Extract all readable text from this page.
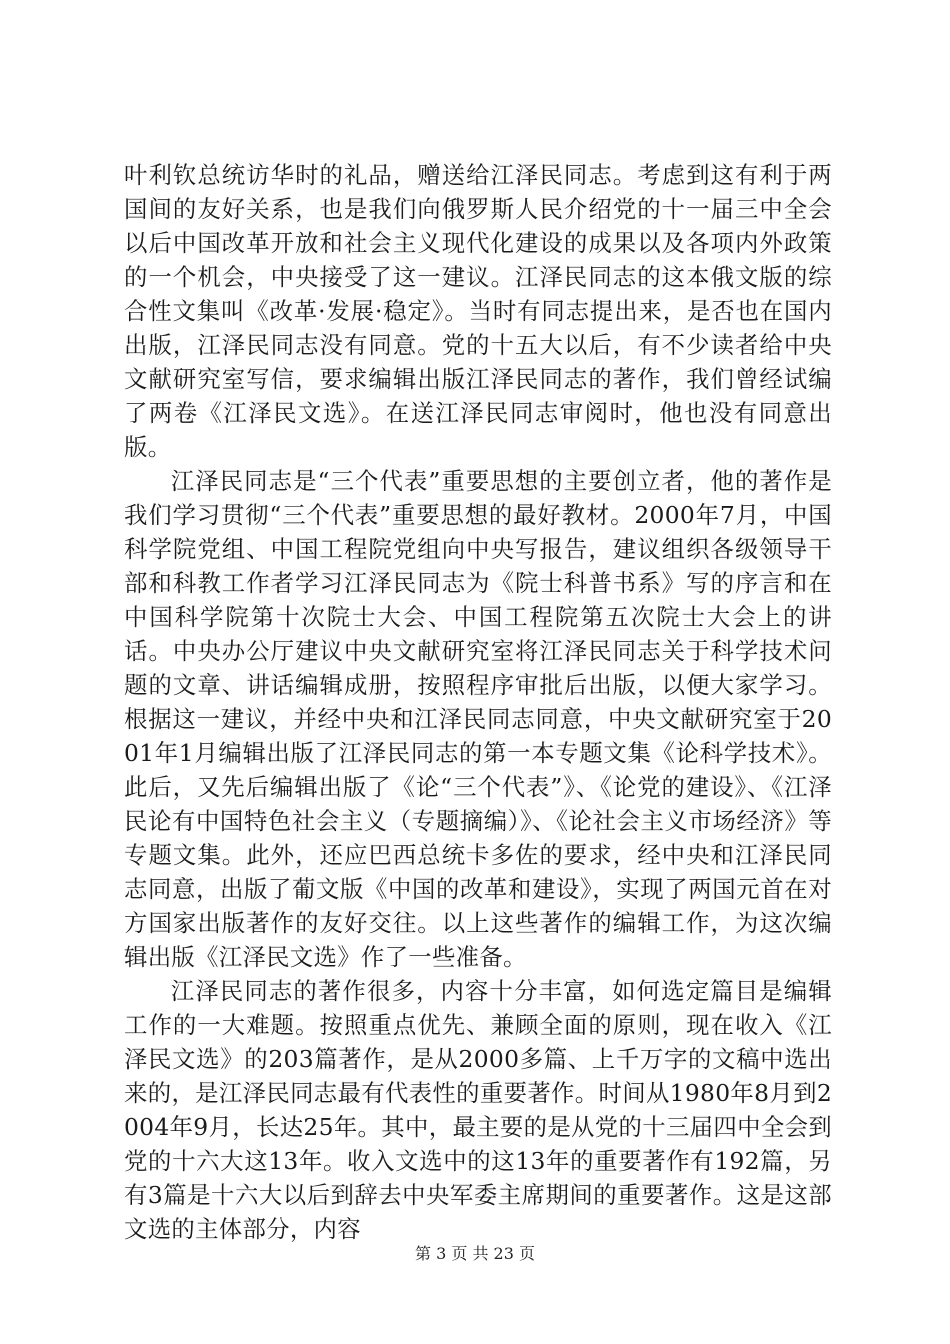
叶利钦总统访华时的礼品，赠送给江泽民同志。考虑到这有利于两国间的友好关系，也是我们向俄罗斯人民介绍党的十一届三中全会以后中国改革开放和社会主义现代化建设的成果以及各项内外政策的一个机会，中央接受了这一建议。江泽民同志的这本俄文版的综合性文集叫《改革·发展·稳定》。当时有同志提出来，是否也在国内出版，江泽民同志没有同意。党的十五大以后，有不少读者给中央文献研究室写信，要求编辑出版江泽民同志的著作，我们曾经试编了两卷《江泽民文选》。在送江泽民同志审阅时，他也没有同意出版。

江泽民同志是“三个代表”重要思想的主要创立者，他的著作是我们学习贯彻“三个代表”重要思想的最好教材。2000年7月，中国科学院党组、中国工程院党组向中央写报告，建议组织各级领导干部和科教工作者学习江泽民同志为《院士科普书系》写的序言和在中国科学院第十次院士大会、中国工程院第五次院士大会上的讲话。中央办公厅建议中央文献研究室将江泽民同志关于科学技术问题的文章、讲话编辑成册，按照程序审批后出版，以便大家学习。根据这一建议，并经中央和江泽民同志同意，中央文献研究室于2001年1月编辑出版了江泽民同志的第一本专题文集《论科学技术》。此后，又先后编辑出版了《论“三个代表”》、《论党的建设》、《江泽民论有中国特色社会主义（专题摘编）》、《论社会主义市场经济》等专题文集。此外，还应巴西总统卡多佐的要求，经中央和江泽民同志同意，出版了葡文版《中国的改革和建设》，实现了两国元首在对方国家出版著作的友好交往。以上这些著作的编辑工作，为这次编辑出版《江泽民文选》作了一些准备。

江泽民同志的著作很多，内容十分丰富，如何选定篇目是编辑工作的一大难题。按照重点优先、兼顾全面的原则，现在收入《江泽民文选》的203篇著作，是从2000多篇、上千万字的文稿中选出来的，是江泽民同志最有代表性的重要著作。时间从1980年8月到2004年9月，长达25年。其中，最主要的是从党的十三届四中全会到党的十六大这13年。收入文选中的这13年的重要著作有192篇，另有3篇是十六大以后到辞去中央军委主席期间的重要著作。这是这部文选的主体部分，内容

第 3 页 共 23 页
